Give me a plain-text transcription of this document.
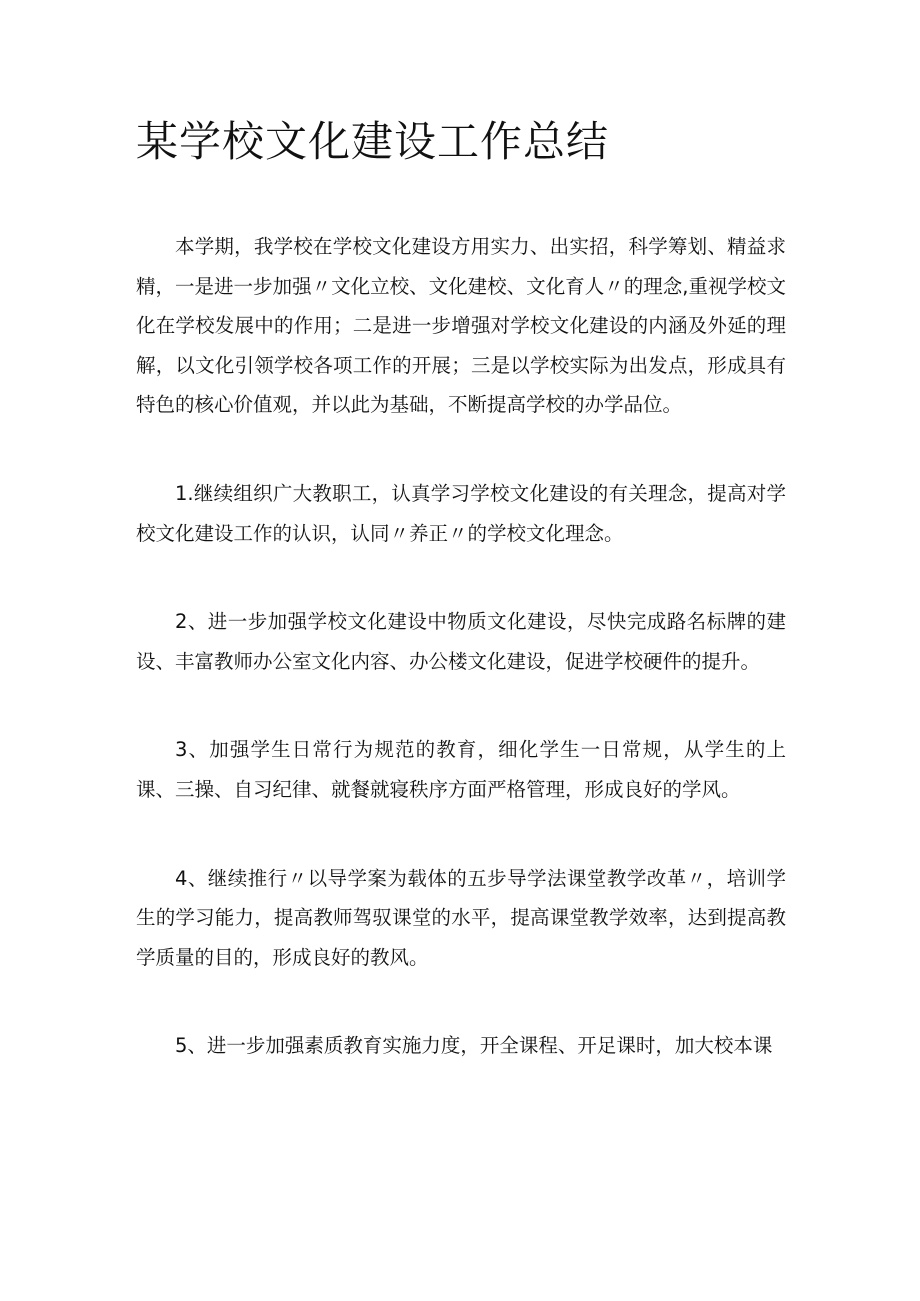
某学校文化建设工作总结

本学期，我学校在学校文化建设方用实力、出实招，科学筹划、精益求精，一是进一步加强〃文化立校、文化建校、文化育人〃的理念,重视学校文化在学校发展中的作用；二是进一步增强对学校文化建设的内涵及外延的理解，以文化引领学校各项工作的开展；三是以学校实际为出发点，形成具有特色的核心价值观，并以此为基础，不断提高学校的办学品位。

1.继续组织广大教职工，认真学习学校文化建设的有关理念，提高对学校文化建设工作的认识，认同〃养正〃的学校文化理念。

2、进一步加强学校文化建设中物质文化建设，尽快完成路名标牌的建设、丰富教师办公室文化内容、办公楼文化建设，促进学校硬件的提升。

3、加强学生日常行为规范的教育，细化学生一日常规，从学生的上课、三操、自习纪律、就餐就寝秩序方面严格管理，形成良好的学风。

4、继续推行〃以导学案为载体的五步导学法课堂教学改革〃，培训学生的学习能力，提高教师驾驭课堂的水平，提高课堂教学效率，达到提高教学质量的目的，形成良好的教风。

5、进一步加强素质教育实施力度，开全课程、开足课时，加大校本课
